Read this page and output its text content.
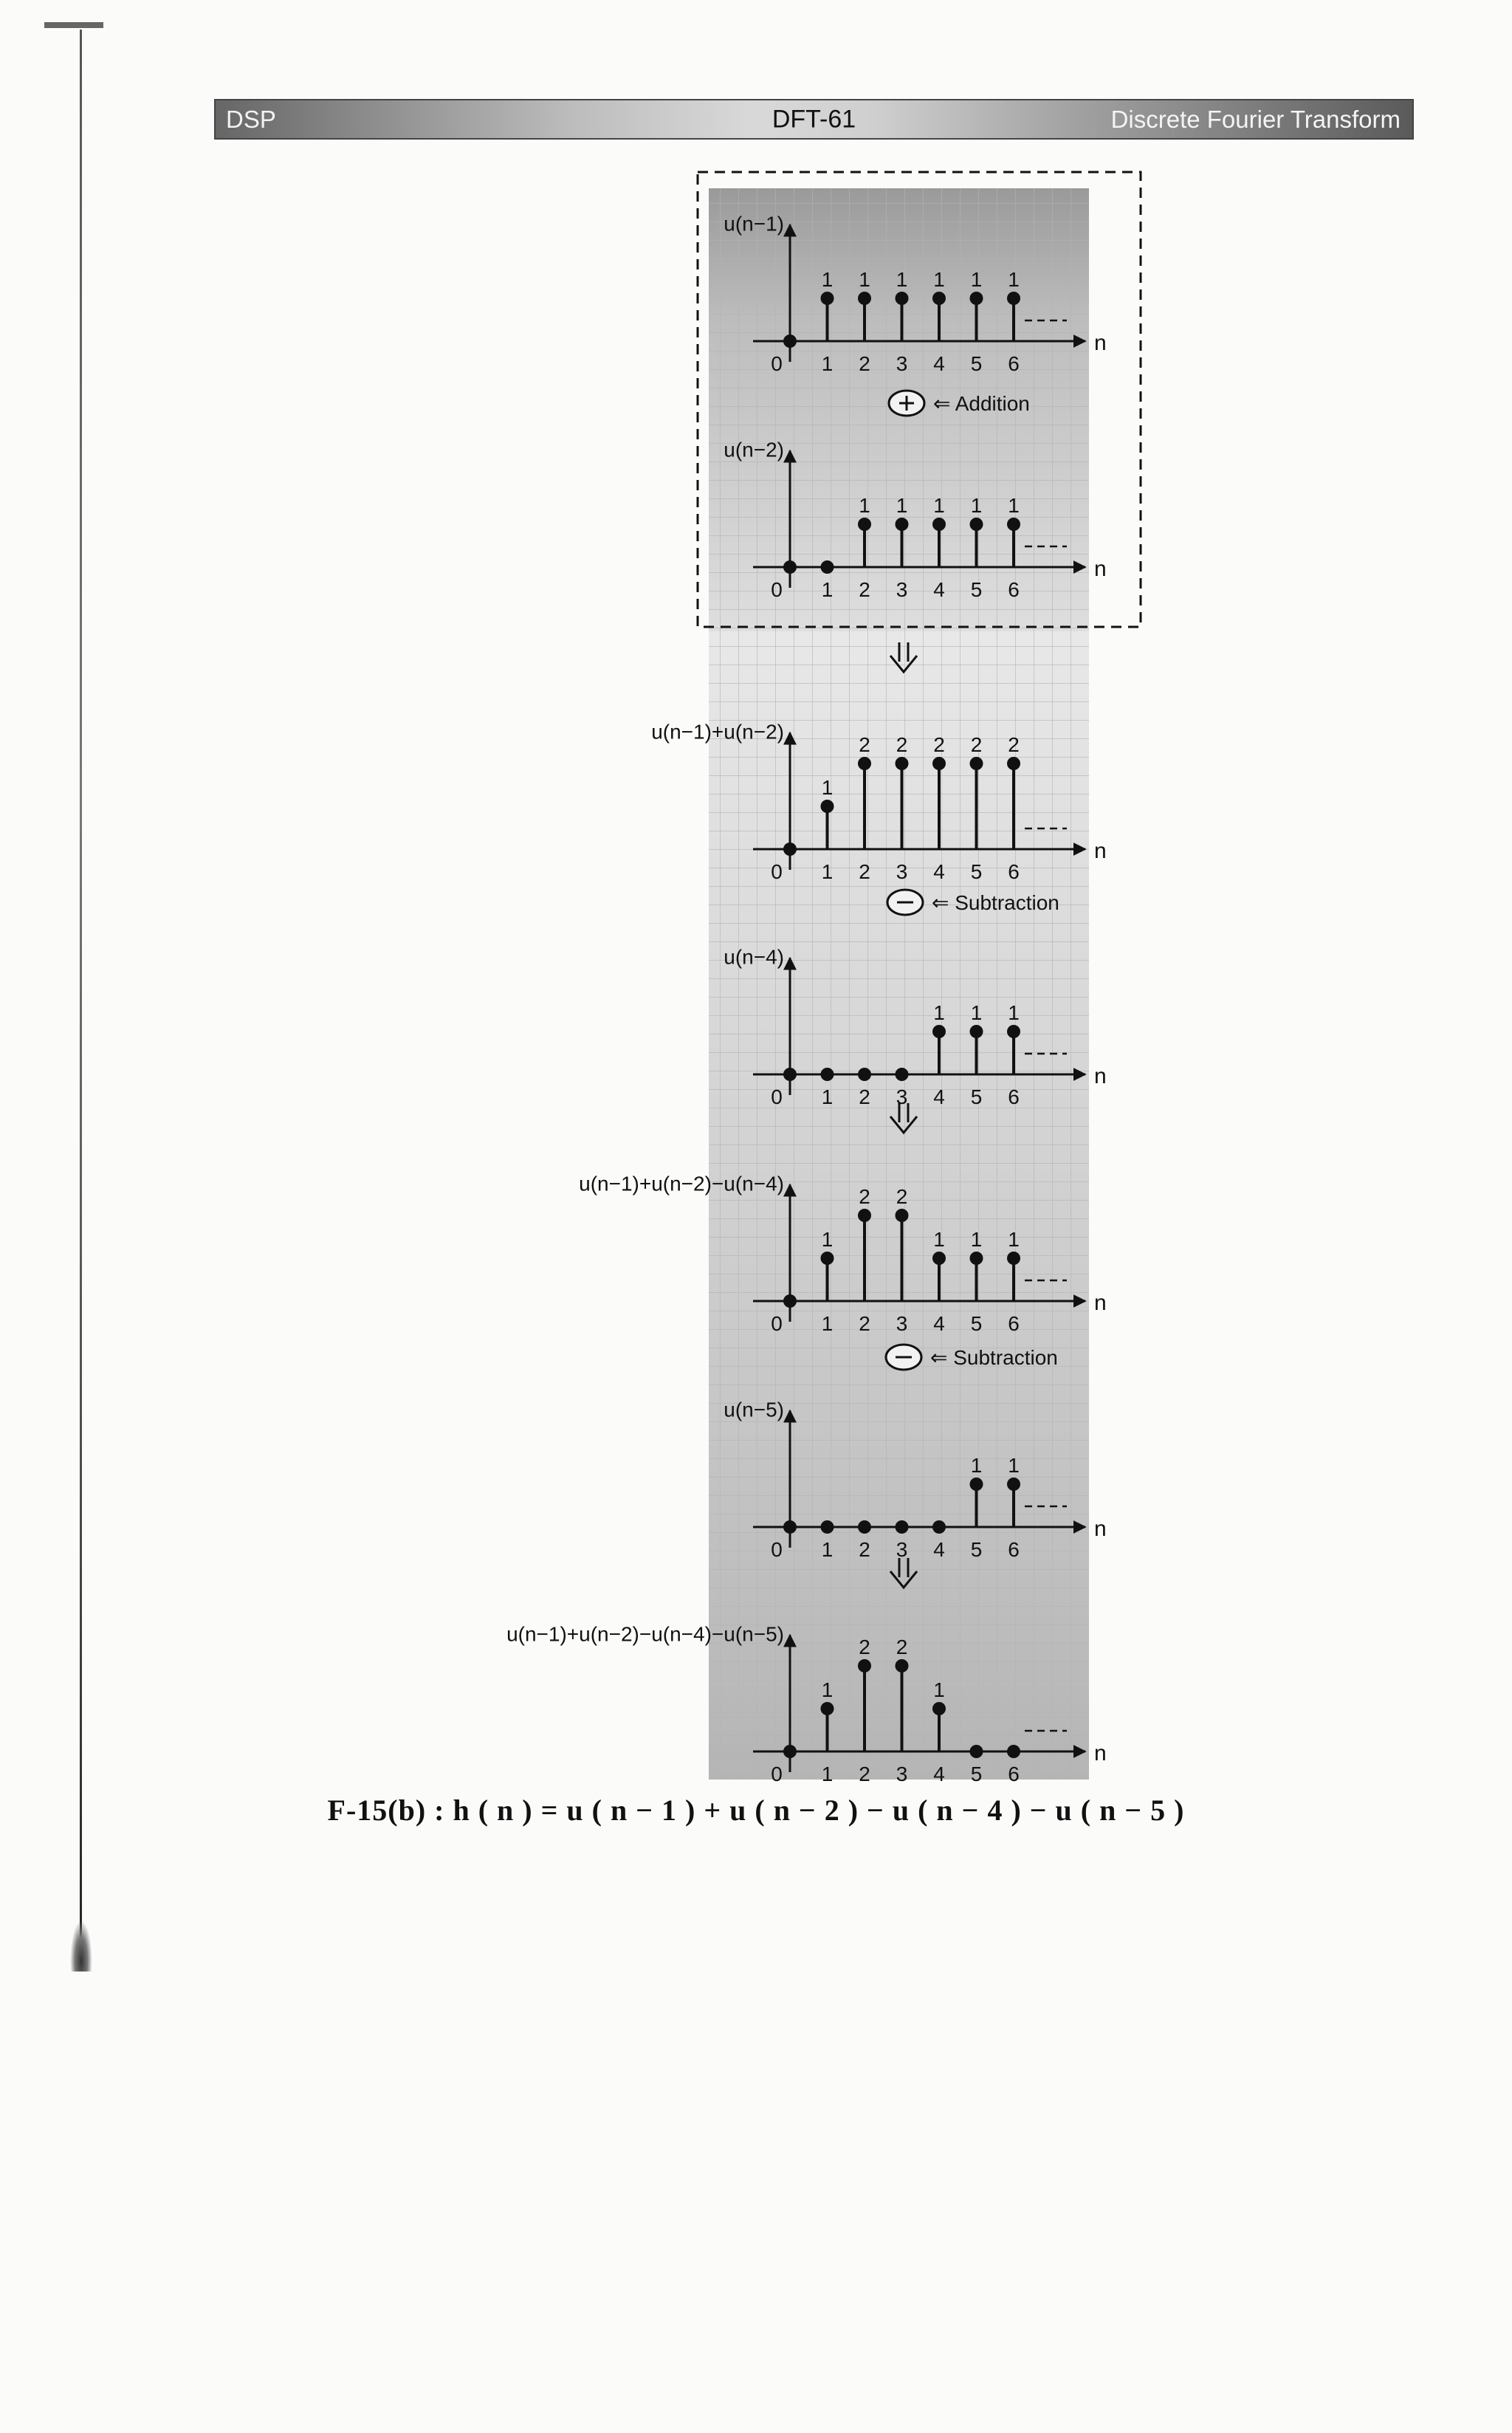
DSP	DFT-61	Discrete Fourier Transform
n
u(n−1)
0 1
1
2
1
3
1
4
1
5
1
6
1
n
u(n−2)
0 1 2
1
3
1
4
1
5
1
6
1
n
u(n−1)+u(n−2)
0 1
1
2
2
3
2
4
2
5
2
6
2
n
u(n−4)
0 1 2 3 4
1
5
1
6
1
n
u(n−1)+u(n−2)−u(n−4)
0 1
1
2
2
3
2
4
1
5
1
6
1
n
u(n−5)
0 1 2 3 4 5
1
6
1
n
u(n−1)+u(n−2)−u(n−4)−u(n−5)
0 1
1
2
2
3
2
4
1
5 6
⇐ Addition
⇐ Subtraction
⇐ Subtraction
F-15(b) : h ( n ) = u ( n − 1 ) + u ( n − 2 ) − u ( n − 4 ) − u ( n − 5 )
